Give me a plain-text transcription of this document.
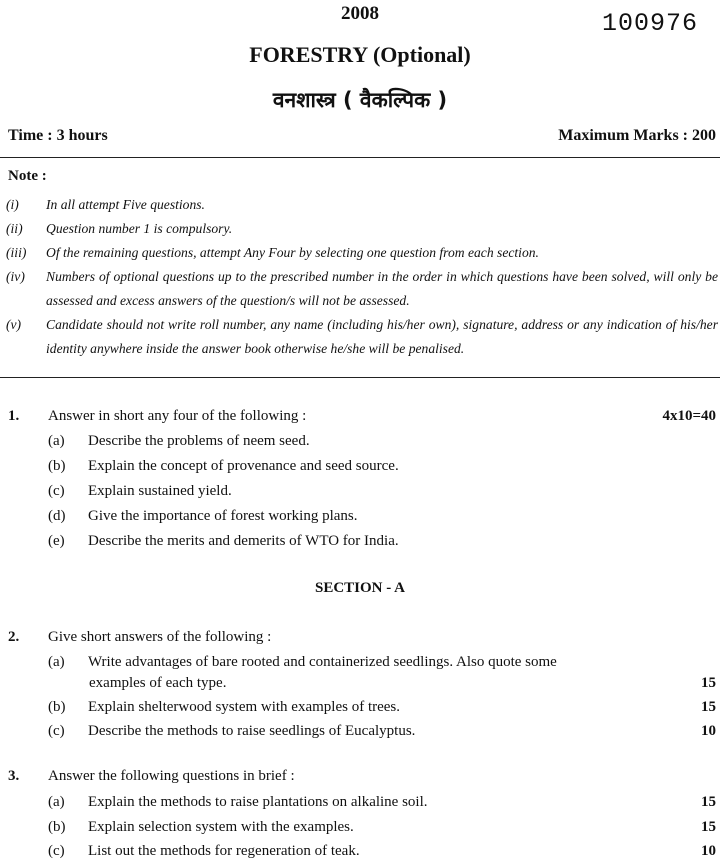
2008	100976
FORESTRY (Optional)
वनशास्त्र ( वैकल्पिक )
Time : 3 hours	Maximum Marks : 200
Note :
(i)	In all attempt Five questions.
(ii)	Question number 1 is compulsory.
(iii)	Of the remaining questions, attempt Any Four by selecting one question from each section.
(iv)	Numbers of optional questions up to the prescribed number in the order in which questions have been solved, will only be assessed and excess answers of the question/s will not be assessed.
(v)	Candidate should not write roll number, any name (including his/her own), signature, address or any indication of his/her identity anywhere inside the answer book otherwise he/she will be penalised.
1. Answer in short any four of the following :	4x10=40
(a) Describe the problems of neem seed.
(b) Explain the concept of provenance and seed source.
(c) Explain sustained yield.
(d) Give the importance of forest working plans.
(e) Describe the merits and demerits of WTO for India.
SECTION - A
2. Give short answers of the following :
(a) Write advantages of bare rooted and containerized seedlings. Also quote some
examples of each type.	15
(b) Explain shelterwood system with examples of trees.	15
(c) Describe the methods to raise seedlings of Eucalyptus.	10
3. Answer the following questions in brief :
(a) Explain the methods to raise plantations on alkaline soil.	15
(b) Explain selection system with the examples.	15
(c) List out the methods for regeneration of teak.	10
